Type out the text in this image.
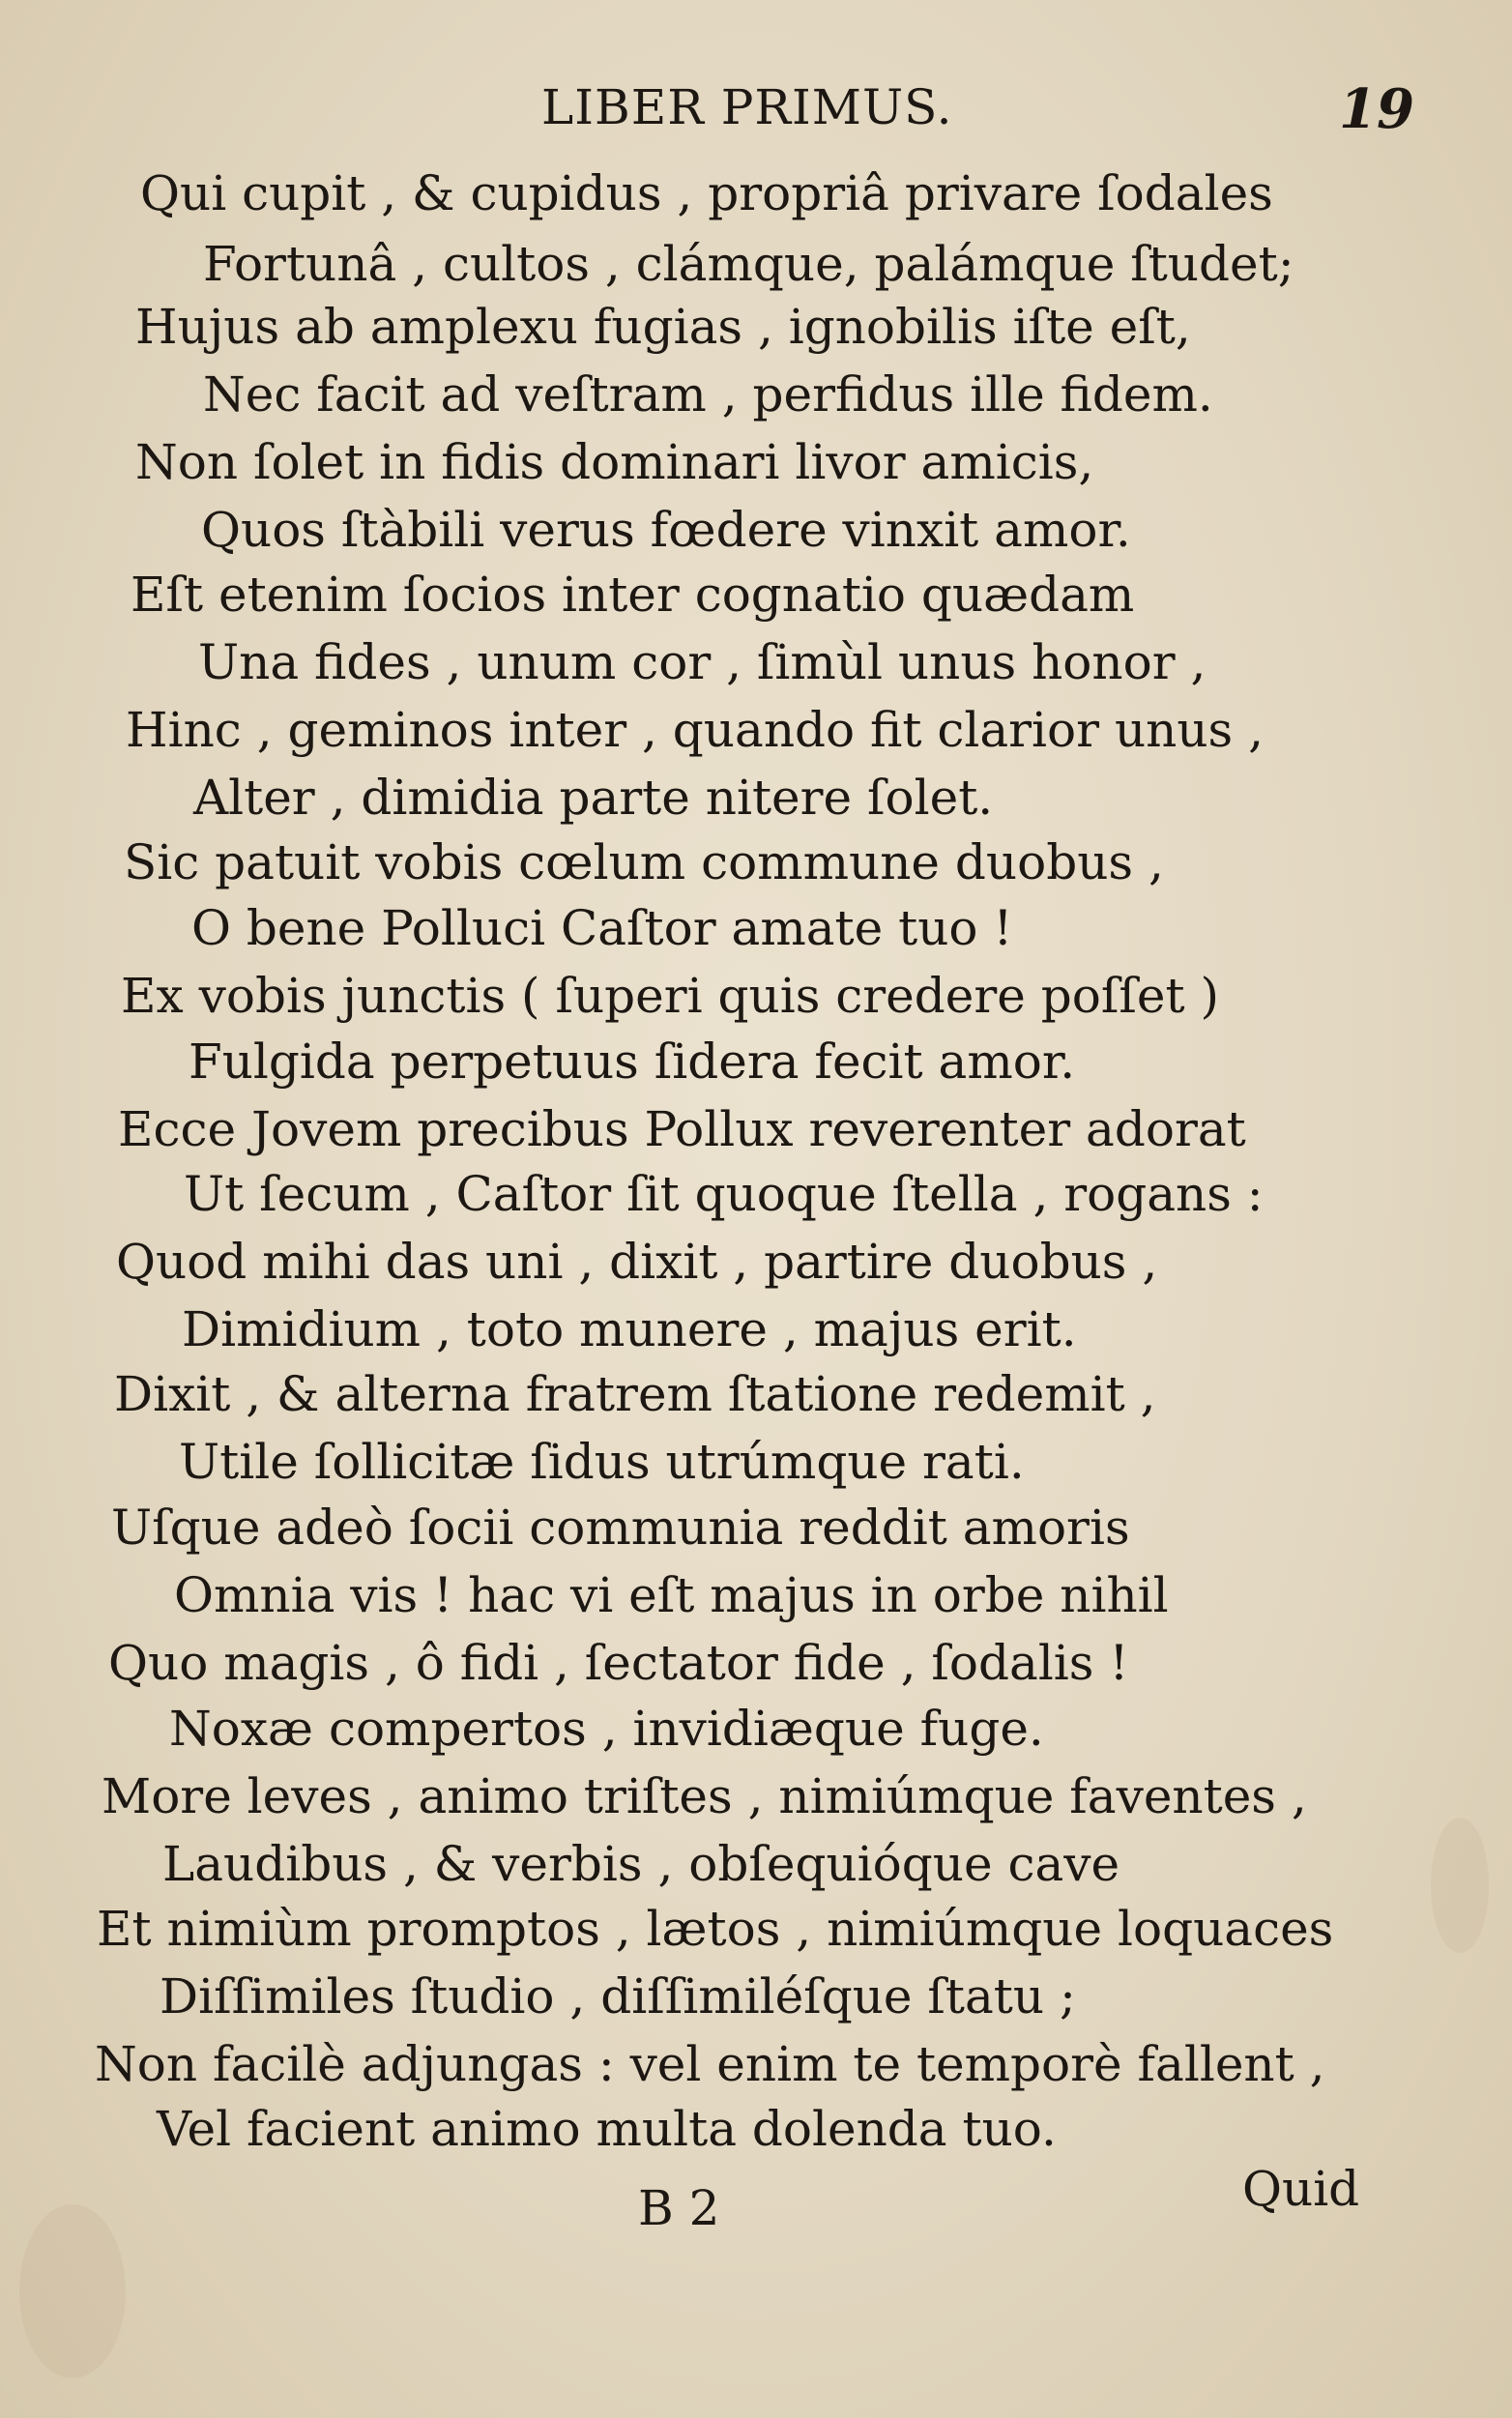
LIBER PRIMUS.	19
Qui cupit , & cupidus , propriâ privare ſodales
Fortunâ , cultos , clámque, palámque ſtudet;
Hujus ab amplexu fugias , ignobilis iſte eſt,
Nec facit ad veſtram , perfidus ille fidem.
Non ſolet in fidis dominari livor amicis,
Quos ſtàbili verus fœdere vinxit amor.
Eſt etenim ſocios inter cognatio quædam
Una fides , unum cor , ſimùl unus honor ,
Hinc , geminos inter , quando fit clarior unus ,
Alter , dimidia parte nitere ſolet.
Sic patuit vobis cœlum commune duobus ,
O bene Polluci Caſtor amate tuo !
Ex vobis junctis ( ſuperi quis credere poſſet )
Fulgida perpetuus ſidera fecit amor.
Ecce Jovem precibus Pollux reverenter adorat
Ut ſecum , Caſtor ſit quoque ſtella , rogans :
Quod mihi das uni , dixit , partire duobus ,
Dimidium , toto munere , majus erit.
Dixit , & alterna fratrem ſtatione redemit ,
Utile ſollicitæ ſidus utrúmque rati.
Uſque adeò ſocii communia reddit amoris
Omnia vis ! hac vi eſt majus in orbe nihil
Quo magis , ô fidi , ſectator fide , ſodalis !
Noxæ compertos , invidiæque fuge.
More leves , animo triſtes , nimiúmque faventes ,
Laudibus , & verbis , obſequióque cave
Et nimiùm promptos , lætos , nimiúmque loquaces
Diſſimiles ſtudio , diſſimiléſque ſtatu ;
Non facilè adjungas : vel enim te temporè fallent ,
Vel facient animo multa dolenda tuo.
B 2	Quid
